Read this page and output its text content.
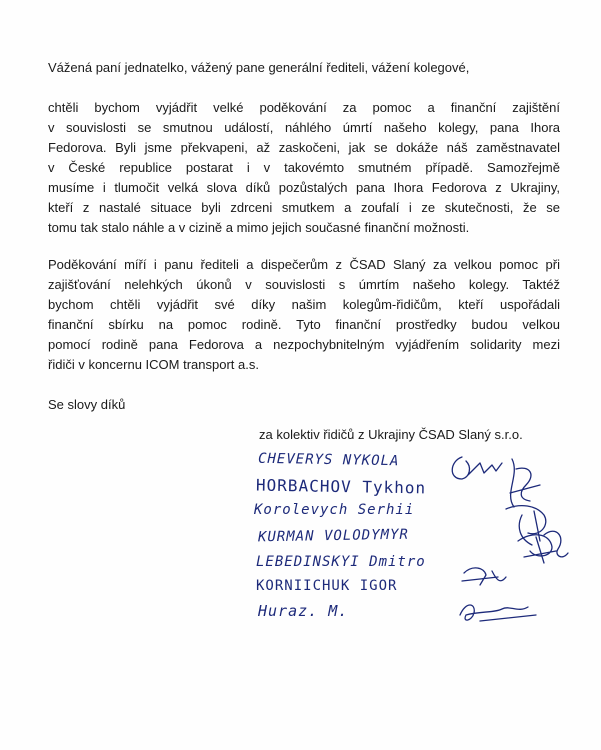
Vážená paní jednatelko, vážený pane generální řediteli, vážení kolegové,
chtěli bychom vyjádřit velké poděkování za pomoc a finanční zajištění
v souvislosti se smutnou událostí, náhlého úmrtí našeho kolegy, pana Ihora
Fedorova. Byli jsme překvapeni, až zaskočeni, jak se dokáže náš zaměstnavatel
v České republice postarat i v takovémto smutném případě. Samozřejmě
musíme i tlumočit velká slova díků pozůstalých pana Ihora Fedorova z Ukrajiny,
kteří z nastalé situace byli zdrceni smutkem a zoufalí i ze skutečnosti, že se
tomu tak stalo náhle a v cizině a mimo jejich současné finanční možnosti.
Poděkování míří i panu řediteli a dispečerům z ČSAD Slaný za velkou pomoc při
zajišťování nelehkých úkonů v souvislosti s úmrtím našeho kolegy. Taktéž
bychom chtěli vyjádřit své díky našim kolegům-řidičům, kteří uspořádali
finanční sbírku na pomoc rodině. Tyto finanční prostředky budou velkou
pomocí rodině pana Fedorova a nezpochybnitelným vyjádřením solidarity mezi
řidiči v koncernu ICOM transport a.s.
Se slovy díků
za kolektiv řidičů z Ukrajiny ČSAD Slaný s.r.o.
CHEVERYS NYKOLA
HORBACHOV Tykhon
Korolevych Serhii
KURMAN VOLODYMYR
LEBEDINSKYI Dmitro
KORNIICHUK IGOR
Huraz. M.
